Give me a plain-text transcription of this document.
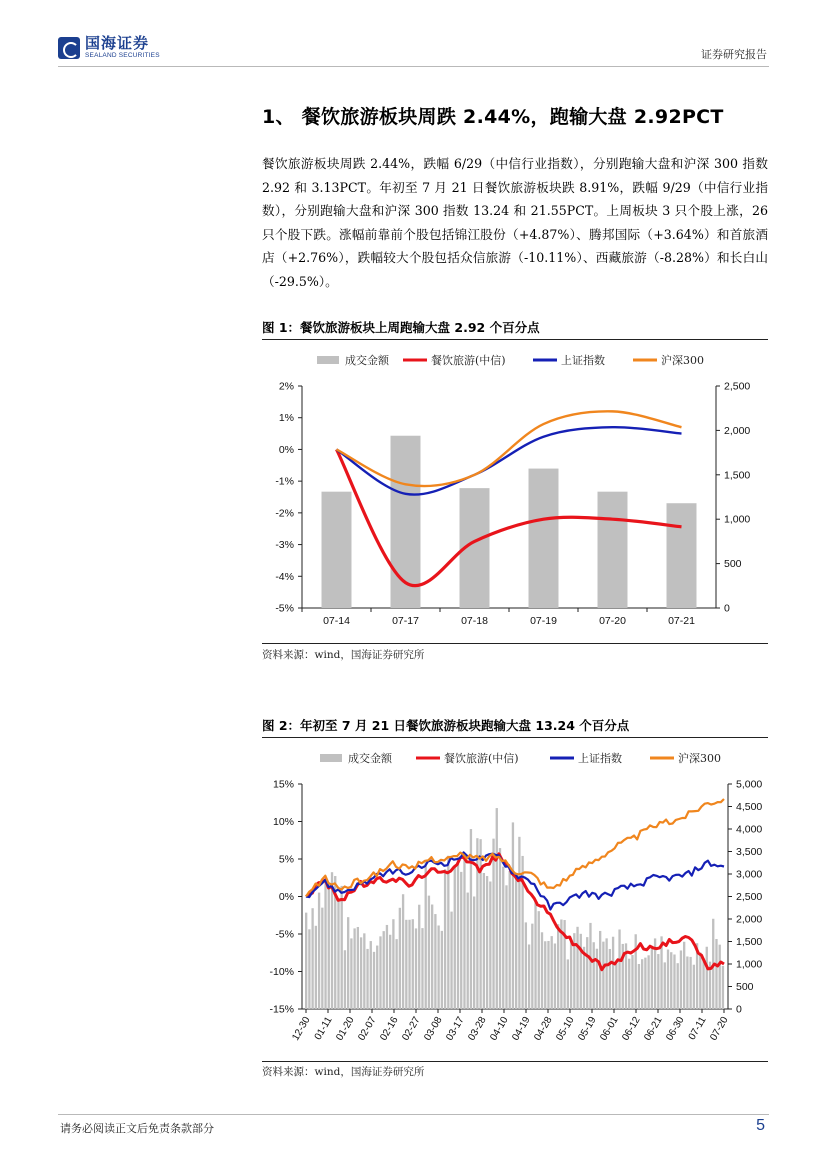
国海证券
SEALAND SECURITIES	证券研究报告
1、 餐饮旅游板块周跌 2.44%，跑输大盘 2.92PCT

餐饮旅游板块周跌 2.44%，跌幅 6/29（中信行业指数），分别跑输大盘和沪深 300 指数 2.92 和 3.13PCT。年初至 7 月 21 日餐饮旅游板块跌 8.91%，跌幅 9/29（中信行业指数），分别跑输大盘和沪深 300 指数 13.24 和 21.55PCT。上周板块 3 只个股上涨，26 只个股下跌。涨幅前靠前个股包括锦江股份（+4.87%）、腾邦国际（+3.64%）和首旅酒店（+2.76%），跌幅较大个股包括众信旅游（-10.11%）、西藏旅游（-8.28%）和长白山（-29.5%）。

图 1：餐饮旅游板块上周跑输大盘 2.92 个百分点
成交金额	餐饮旅游(中信)	上证指数	沪深300
2%
1%
0%
-1%
-2%
-3%
-4%
-5%
2,500
2,000
1,500
1,000
500
0
07-14	07-17	07-18	07-19	07-20	07-21
资料来源：wind，国海证券研究所
图 2：年初至 7 月 21 日餐饮旅游板块跑输大盘 13.24 个百分点
成交金额	餐饮旅游(中信)	上证指数	沪深300
15%
10%
5%
0%
-5%
-10%
-15%
5,000
4,500
4,000
3,500
3,000
2,500
2,000
1,500
1,000
500
0
12-30 01-11 01-20 02-07 02-16 02-27 03-08 03-17 03-28 04-10 04-19 04-28 05-10 05-19 06-01 06-12 06-21 06-30 07-11 07-20
资料来源：wind，国海证券研究所
请务必阅读正文后免责条款部分	5
